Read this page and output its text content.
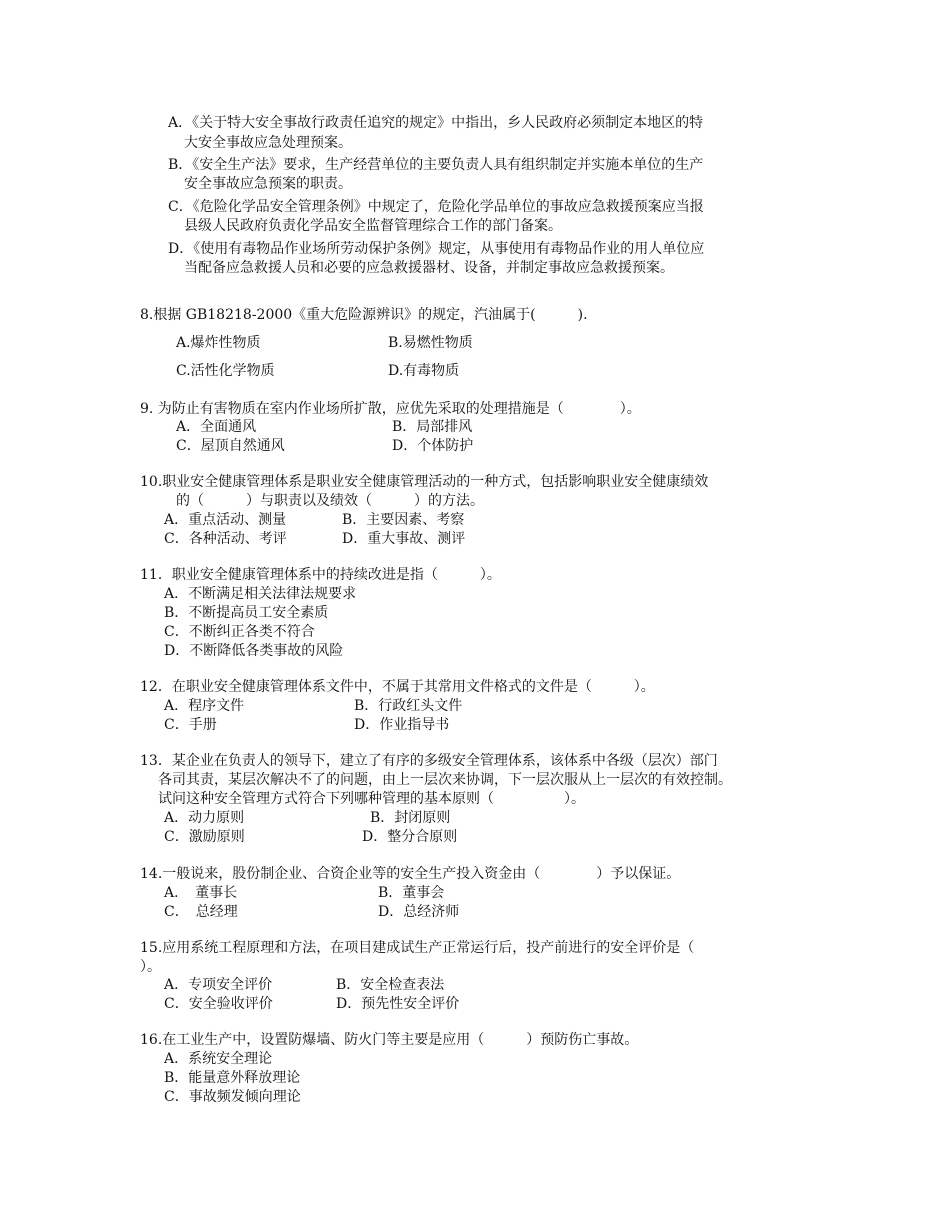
A．《关于特大安全事故行政责任追究的规定》中指出，乡人民政府必须制定本地区的特
大安全事故应急处理预案。
B．《安全生产法》要求，生产经营单位的主要负责人具有组织制定并实施本单位的生产
安全事故应急预案的职责。
C．《危险化学品安全管理条例》中规定了，危险化学品单位的事故应急救援预案应当报
县级人民政府负责化学品安全监督管理综合工作的部门备案。
D．《使用有毒物品作业场所劳动保护条例》规定，从事使用有毒物品作业的用人单位应
当配备应急救援人员和必要的应急救援器材、设备，并制定事故应急救援预案。
8.根据 GB18218-2000《重大危险源辨识》的规定，汽油属于(　　　).
A.爆炸性物质	B.易燃性物质
C.活性化学物质	D.有毒物质
9. 为防止有害物质在室内作业场所扩散，应优先采取的处理措施是（　　　　）。
A．全面通风	B．局部排风
C．屋顶自然通风	D．个体防护
10.职业安全健康管理体系是职业安全健康管理活动的一种方式，包括影响职业安全健康绩效
的（　　　）与职责以及绩效（　　　）的方法。
A．重点活动、测量	B．主要因素、考察
C．各种活动、考评	D．重大事故、测评
11．职业安全健康管理体系中的持续改进是指（　　　）。
A．不断满足相关法律法规要求
B．不断提高员工安全素质
C．不断纠正各类不符合
D．不断降低各类事故的风险
12．在职业安全健康管理体系文件中，不属于其常用文件格式的文件是（　　　）。
A．程序文件	B．行政红头文件
C．手册	D．作业指导书
13．某企业在负责人的领导下，建立了有序的多级安全管理体系，该体系中各级（层次）部门
各司其责，某层次解决不了的问题，由上一层次来协调，下一层次服从上一层次的有效控制。
试问这种安全管理方式符合下列哪种管理的基本原则（　　　　　）。
A．动力原则	B．封闭原则
C．激励原则	D．整分合原则
14.一般说来，股份制企业、合资企业等的安全生产投入资金由（　　　　）予以保证。
A．　董事长	B．董事会
C．　总经理	D．总经济师
15.应用系统工程原理和方法，在项目建成试生产正常运行后，投产前进行的安全评价是（
）。
A．专项安全评价	B．安全检查表法
C．安全验收评价	D．预先性安全评价
16.在工业生产中，设置防爆墙、防火门等主要是应用（　　　）预防伤亡事故。
A．系统安全理论
B．能量意外释放理论
C．事故频发倾向理论
